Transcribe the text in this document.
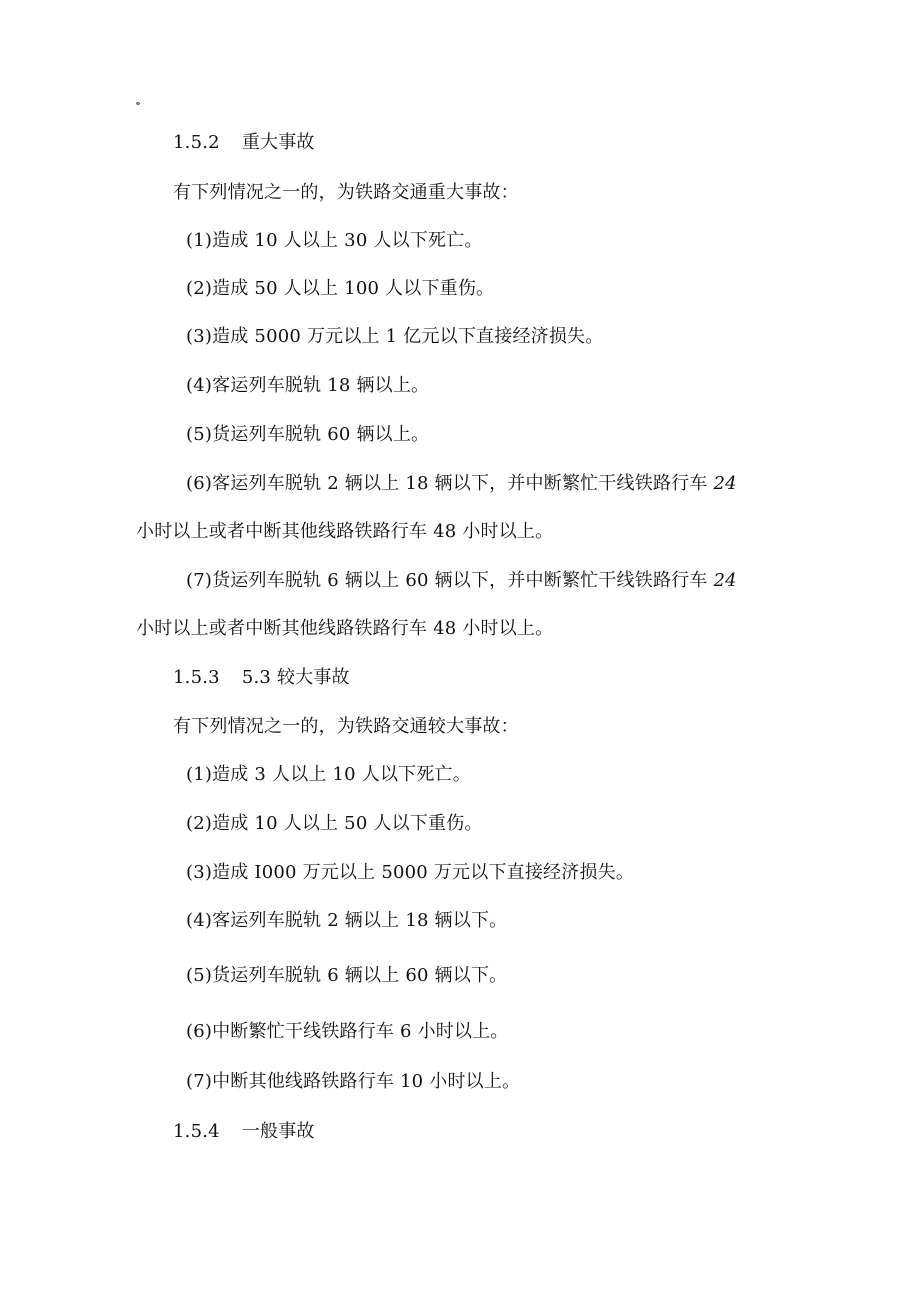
ₒ
1.5.2 重大事故
有下列情况之一的，为铁路交通重大事故：
(1)造成 10 人以上 30 人以下死亡。
(2)造成 50 人以上 100 人以下重伤。
(3)造成 5000 万元以上 1 亿元以下直接经济损失。
(4)客运列车脱轨 18 辆以上。
(5)货运列车脱轨 60 辆以上。
(6)客运列车脱轨 2 辆以上 18 辆以下，并中断繁忙干线铁路行车 24
小时以上或者中断其他线路铁路行车 48 小时以上。
(7)货运列车脱轨 6 辆以上 60 辆以下，并中断繁忙干线铁路行车 24
小时以上或者中断其他线路铁路行车 48 小时以上。
1.5.3 5.3 较大事故
有下列情况之一的，为铁路交通较大事故：
(1)造成 3 人以上 10 人以下死亡。
(2)造成 10 人以上 50 人以下重伤。
(3)造成 I000 万元以上 5000 万元以下直接经济损失。
(4)客运列车脱轨 2 辆以上 18 辆以下。
(5)货运列车脱轨 6 辆以上 60 辆以下。
(6)中断繁忙干线铁路行车 6 小时以上。
(7)中断其他线路铁路行车 10 小时以上。
1.5.4 一般事故
